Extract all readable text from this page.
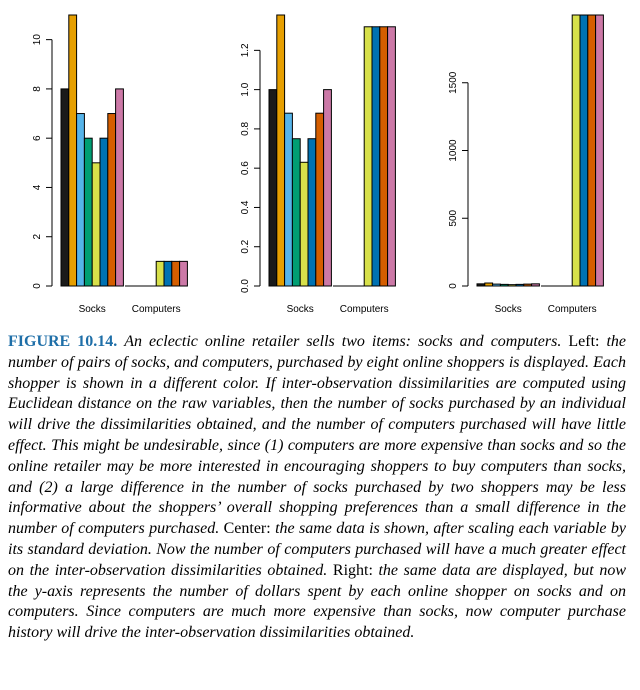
0
2
4
6
8
10
Socks	Computers
0.0
0.2
0.4
0.6
0.8
1.0
1.2
Socks	Computers
0
500
1000
1500
Socks	Computers

FIGURE 10.14. An eclectic online retailer sells two items: socks and computers. Left: the number of pairs of socks, and computers, purchased by eight online shoppers is displayed. Each shopper is shown in a different color. If inter-observation dissimilarities are computed using Euclidean distance on the raw variables, then the number of socks purchased by an individual will drive the dissimilarities obtained, and the number of computers purchased will have little effect. This might be undesirable, since (1) computers are more expensive than socks and so the online retailer may be more interested in encouraging shoppers to buy computers than socks, and (2) a large difference in the number of socks purchased by two shoppers may be less informative about the shoppers’ overall shopping preferences than a small difference in the number of computers purchased. Center: the same data is shown, after scaling each variable by its standard deviation. Now the number of computers purchased will have a much greater effect on the inter-observation dissimilarities obtained. Right: the same data are displayed, but now the y-axis represents the number of dollars spent by each online shopper on socks and on computers. Since computers are much more expensive than socks, now computer purchase history will drive the inter-observation dissimilarities obtained.
